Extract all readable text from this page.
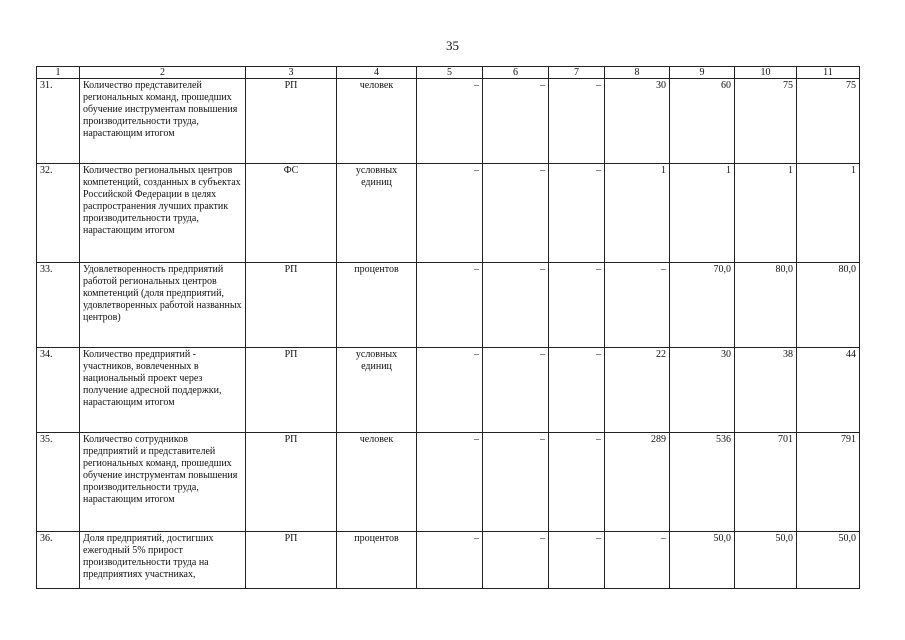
35
1	2	3	4	5	6	7	8	9	10	11
31.	Количество представителей региональных команд, прошедших обучение инструментам повышения производительности труда, нарастающим итогом	РП	человек	–	–	–	30	60	75	75
32.	Количество региональных центров компетенций, созданных в субъектах Российской Федерации в целях распространения лучших практик производительности труда, нарастающим итогом	ФС	условных единиц	–	–	–	1	1	1	1
33.	Удовлетворенность предприятий работой региональных центров компетенций (доля предприятий, удовлетворенных работой названных центров)	РП	процентов	–	–	–	–	70,0	80,0	80,0
34.	Количество предприятий - участников, вовлеченных в национальный проект через получение адресной поддержки, нарастающим итогом	РП	условных единиц	–	–	–	22	30	38	44
35.	Количество сотрудников предприятий и представителей региональных команд, прошедших обучение инструментам повышения производительности труда, нарастающим итогом	РП	человек	–	–	–	289	536	701	791
36.	Доля предприятий, достигших ежегодный 5% прирост производительности труда на предприятиях участниках,	РП	процентов	–	–	–	–	50,0	50,0	50,0
